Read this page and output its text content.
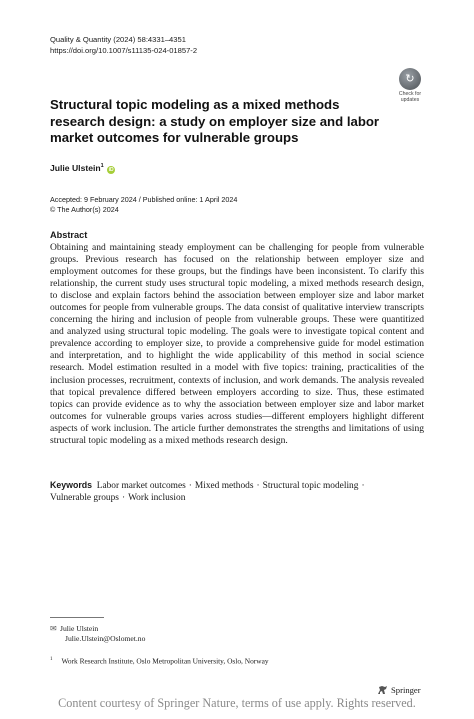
Quality & Quantity (2024) 58:4331–4351
https://doi.org/10.1007/s11135-024-01857-2
↻
Check for
updates
Structural topic modeling as a mixed methods research design: a study on employer size and labor market outcomes for vulnerable groups
Julie Ulstein$^1$ iD
Accepted: 9 February 2024 / Published online: 1 April 2024
© The Author(s) 2024
Abstract
Obtaining and maintaining steady employment can be challenging for people from vulnerable groups. Previous research has focused on the relationship between employer size and employment outcomes for these groups, but the findings have been inconsistent. To clarify this relationship, the current study uses structural topic modeling, a mixed methods research design, to disclose and explain factors behind the association between employer size and labor market outcomes for people from vulnerable groups. The data consist of qualitative interview transcripts concerning the hiring and inclusion of people from vulnerable groups. These were quantitized and analyzed using structural topic modeling. The goals were to investigate topical content and prevalence according to employer size, to provide a comprehensive guide for model estimation and interpretation, and to highlight the wide applicability of this method in social science research. Model estimation resulted in a model with five topics: training, practicalities of the inclusion processes, recruitment, contexts of inclusion, and work demands. The analysis revealed that topical prevalence differed between employers according to size. Thus, these estimated topics can provide evidence as to why the association between employer size and labor market outcomes for vulnerable groups varies across studies—different employers highlight different aspects of work inclusion. The article further demonstrates the strengths and limitations of using structural topic modeling as a mixed methods research design.
Keywords Labor market outcomes · Mixed methods · Structural topic modeling ·
Vulnerable groups · Work inclusion
✉ Julie Ulstein
Julie.Ulstein@Oslomet.no
$^1$ Work Research Institute, Oslo Metropolitan University, Oslo, Norway
Springer
Content courtesy of Springer Nature, terms of use apply. Rights reserved.
